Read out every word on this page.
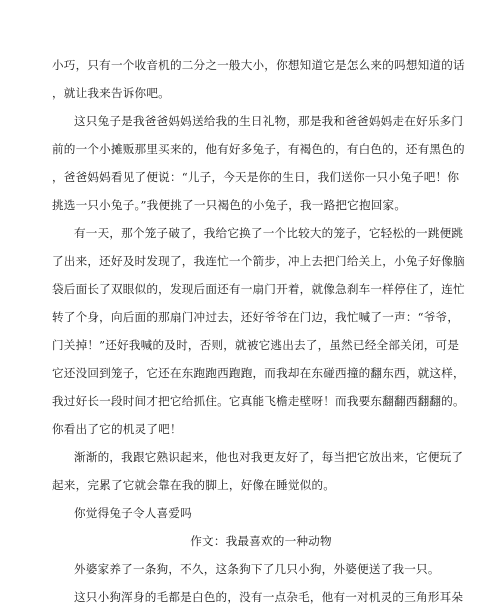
小巧，只有一个收音机的二分之一般大小，你想知道它是怎么来的吗想知道的话
，就让我来告诉你吧。
这只兔子是我爸爸妈妈送给我的生日礼物，那是我和爸爸妈妈走在好乐多门
前的一个小摊贩那里买来的，他有好多兔子，有褐色的，有白色的，还有黑色的
，爸爸妈妈看见了便说：“儿子，今天是你的生日，我们送你一只小兔子吧！你
挑选一只小兔子。”我便挑了一只褐色的小兔子，我一路把它抱回家。
有一天，那个笼子破了，我给它换了一个比较大的笼子，它轻松的一跳便跳
了出来，还好及时发现了，我连忙一个箭步，冲上去把门给关上，小兔子好像脑
袋后面长了双眼似的，发现后面还有一扇门开着，就像急刹车一样停住了，连忙
转了个身，向后面的那扇门冲过去，还好爷爷在门边，我忙喊了一声：“爷爷，
门关掉！”还好我喊的及时，否则，就被它逃出去了，虽然已经全部关闭，可是
它还没回到笼子，它还在东跑跑西跑跑，而我却在东碰西撞的翻东西，就这样，
我过好长一段时间才把它给抓住。它真能飞檐走壁呀！而我要东翻翻西翻翻的。
你看出了它的机灵了吧！
渐渐的，我跟它熟识起来，他也对我更友好了，每当把它放出来，它便玩了
起来，完累了它就会靠在我的脚上，好像在睡觉似的。
你觉得兔子令人喜爱吗
作文：我最喜欢的一种动物
外婆家养了一条狗，不久，这条狗下了几只小狗，外婆便送了我一只。
这只小狗浑身的毛都是白色的，没有一点杂毛，他有一对机灵的三角形耳朵
